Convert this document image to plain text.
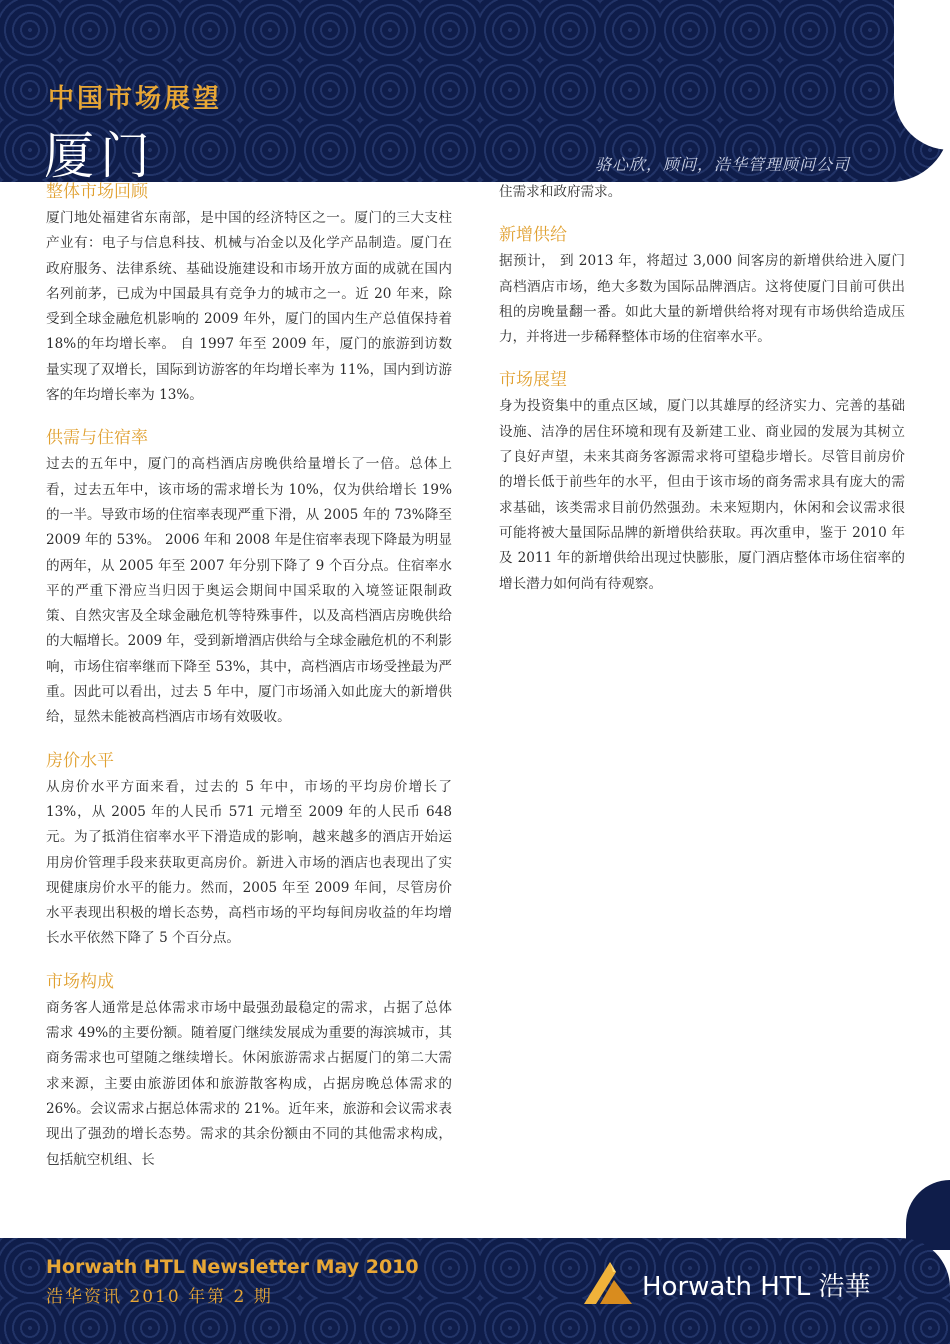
中国市场展望
厦门	骆心欣，顾问，浩华管理顾问公司

整体市场回顾

厦门地处福建省东南部，是中国的经济特区之一。厦门的三大支柱产业有：电子与信息科技、机械与冶金以及化学产品制造。厦门在政府服务、法律系统、基础设施建设和市场开放方面的成就在国内名列前茅，已成为中国最具有竞争力的城市之一。近 20 年来，除受到全球金融危机影响的 2009 年外，厦门的国内生产总值保持着 18%的年均增长率。 自 1997 年至 2009 年，厦门的旅游到访数量实现了双增长，国际到访游客的年均增长率为 11%，国内到访游客的年均增长率为 13%。

供需与住宿率

过去的五年中，厦门的高档酒店房晚供给量增长了一倍。总体上看，过去五年中，该市场的需求增长为 10%，仅为供给增长 19%的一半。导致市场的住宿率表现严重下滑，从 2005 年的 73%降至 2009 年的 53%。 2006 年和 2008 年是住宿率表现下降最为明显的两年，从 2005 年至 2007 年分别下降了 9 个百分点。住宿率水平的严重下滑应当归因于奥运会期间中国采取的入境签证限制政策、自然灾害及全球金融危机等特殊事件，以及高档酒店房晚供给的大幅增长。2009 年，受到新增酒店供给与全球金融危机的不利影响，市场住宿率继而下降至 53%，其中，高档酒店市场受挫最为严重。因此可以看出，过去 5 年中，厦门市场涌入如此庞大的新增供给，显然未能被高档酒店市场有效吸收。

房价水平

从房价水平方面来看，过去的 5 年中，市场的平均房价增长了 13%，从 2005 年的人民币 571 元增至 2009 年的人民币 648 元。为了抵消住宿率水平下滑造成的影响，越来越多的酒店开始运用房价管理手段来获取更高房价。新进入市场的酒店也表现出了实现健康房价水平的能力。然而，2005 年至 2009 年间，尽管房价水平表现出积极的增长态势，高档市场的平均每间房收益的年均增长水平依然下降了 5 个百分点。

市场构成

商务客人通常是总体需求市场中最强劲最稳定的需求，占据了总体需求 49%的主要份额。随着厦门继续发展成为重要的海滨城市，其商务需求也可望随之继续增长。休闲旅游需求占据厦门的第二大需求来源，主要由旅游团体和旅游散客构成，占据房晚总体需求的 26%。会议需求占据总体需求的 21%。近年来，旅游和会议需求表现出了强劲的增长态势。需求的其余份额由不同的其他需求构成，包括航空机组、长

住需求和政府需求。

新增供给

据预计， 到 2013 年，将超过 3,000 间客房的新增供给进入厦门高档酒店市场，绝大多数为国际品牌酒店。这将使厦门目前可供出租的房晚量翻一番。如此大量的新增供给将对现有市场供给造成压力，并将进一步稀释整体市场的住宿率水平。

市场展望

身为投资集中的重点区域，厦门以其雄厚的经济实力、完善的基础设施、洁净的居住环境和现有及新建工业、商业园的发展为其树立了良好声望，未来其商务客源需求将可望稳步增长。尽管目前房价的增长低于前些年的水平，但由于该市场的商务需求具有庞大的需求基础，该类需求目前仍然强劲。未来短期内，休闲和会议需求很可能将被大量国际品牌的新增供给获取。再次重申，鉴于 2010 年及 2011 年的新增供给出现过快膨胀，厦门酒店整体市场住宿率的增长潜力如何尚有待观察。

Horwath HTL Newsletter May 2010

浩华资讯 2010 年第 2 期	Horwath HTL 浩華
